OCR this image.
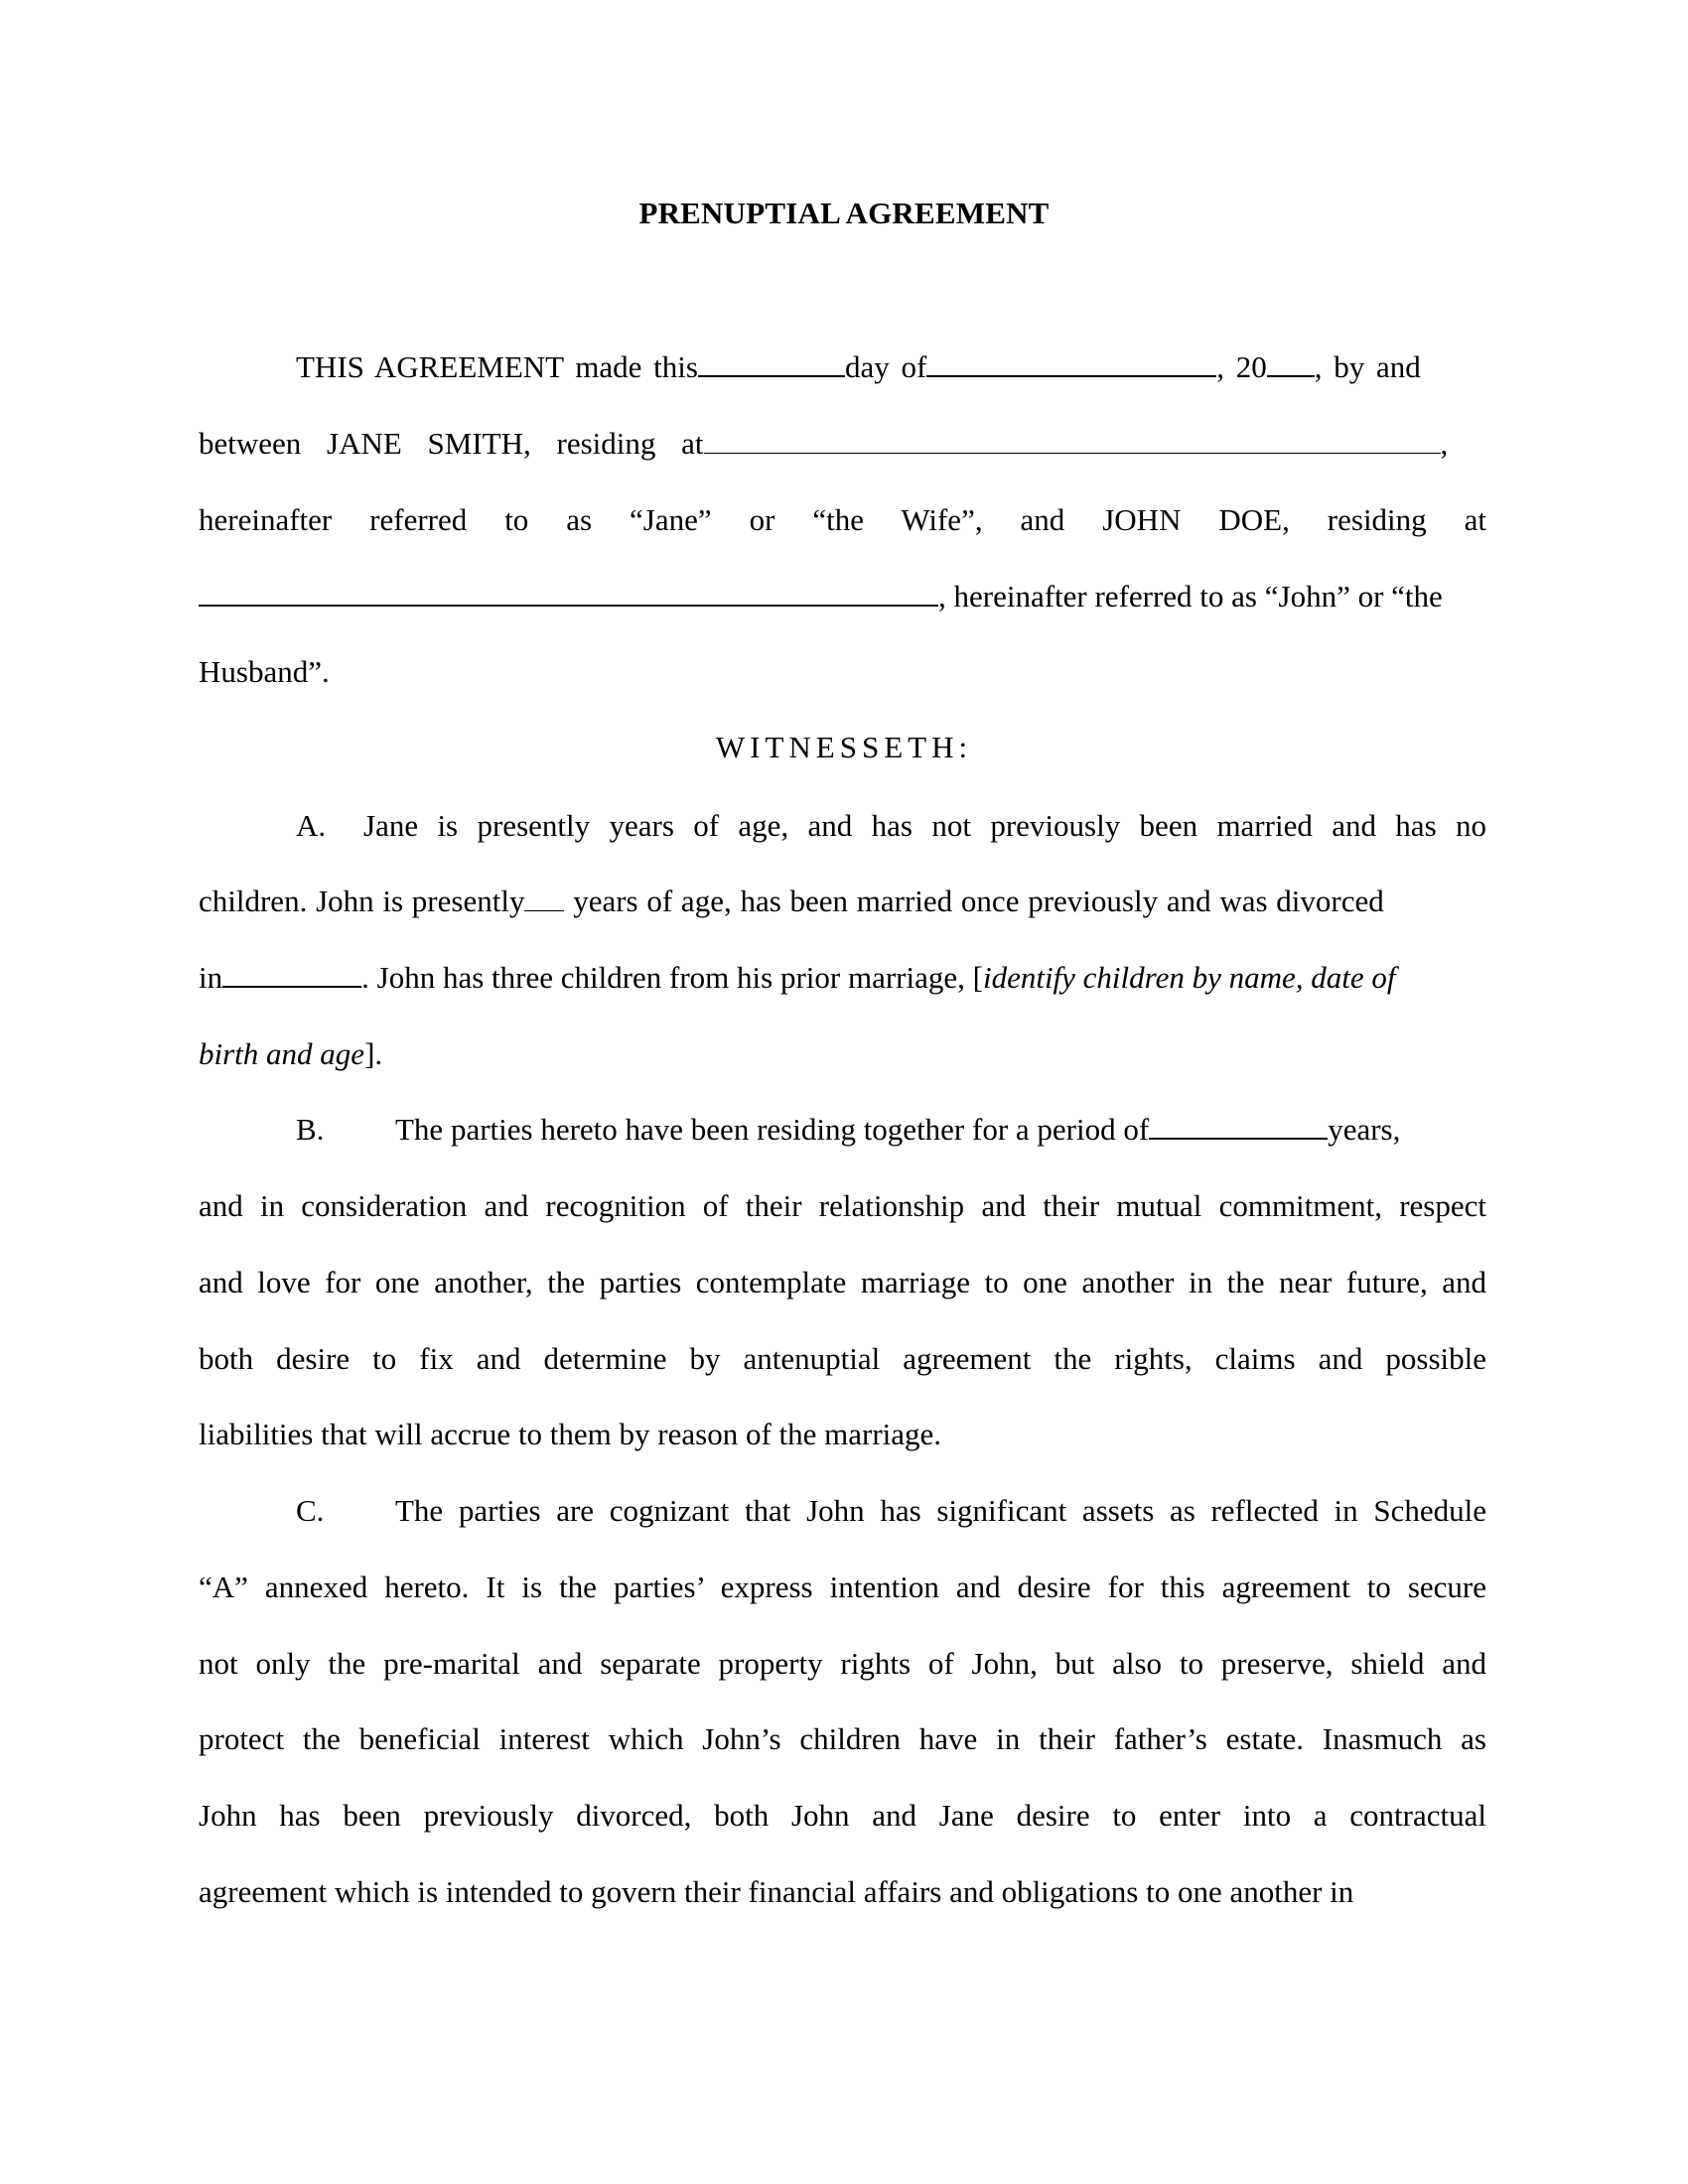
PRENUPTIAL AGREEMENT
THIS AGREEMENT made this	day of	, 20 , by and
between JANE SMITH, residing at	,
hereinafter referred to as “Jane” or “the Wife”, and JOHN DOE, residing at
, hereinafter referred to as “John” or “the
Husband”.
WITNESSETH:
A. Jane is presently years of age, and has not previously been married and has no
children. John is presently years of age, has been married once previously and was divorced
in	. John has three children from his prior marriage, [identify children by name, date of
birth and age].
B. The parties hereto have been residing together for a period of	years,
and in consideration and recognition of their relationship and their mutual commitment, respect
and love for one another, the parties contemplate marriage to one another in the near future, and
both desire to fix and determine by antenuptial agreement the rights, claims and possible
liabilities that will accrue to them by reason of the marriage.
C. The parties are cognizant that John has significant assets as reflected in Schedule
“A” annexed hereto. It is the parties’ express intention and desire for this agreement to secure
not only the pre-marital and separate property rights of John, but also to preserve, shield and
protect the beneficial interest which John’s children have in their father’s estate. Inasmuch as
John has been previously divorced, both John and Jane desire to enter into a contractual
agreement which is intended to govern their financial affairs and obligations to one another in
